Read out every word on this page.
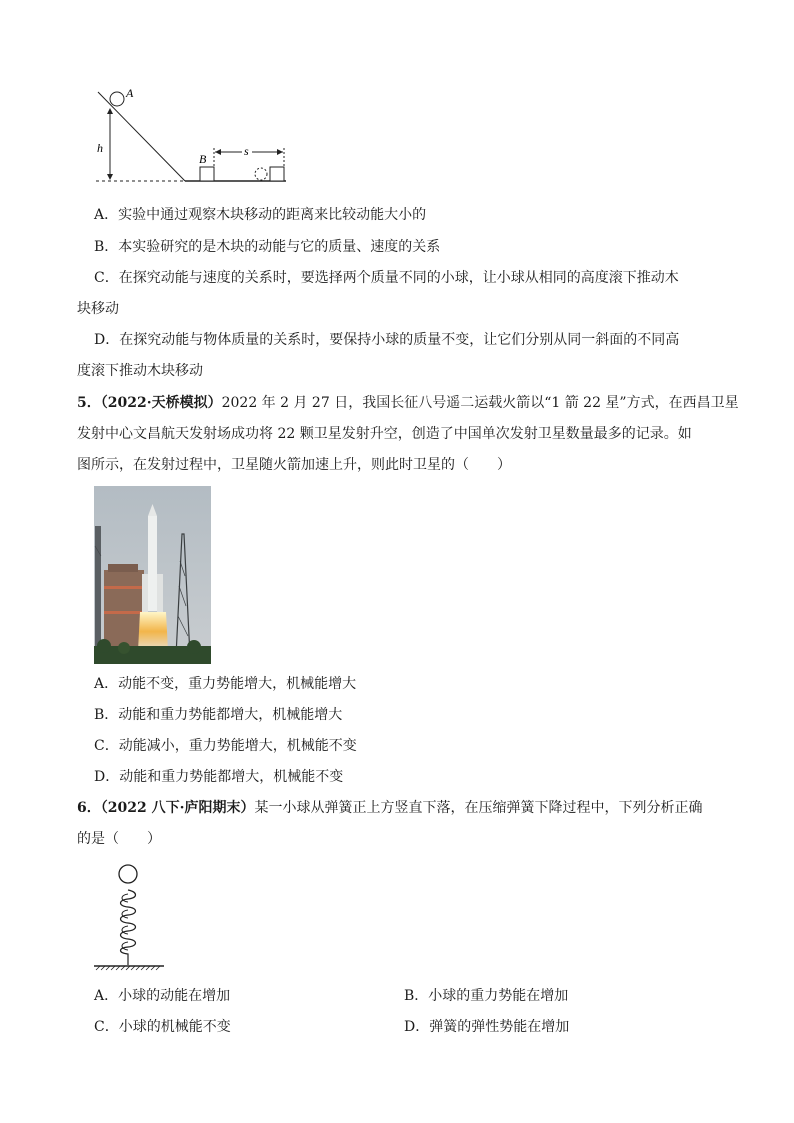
A
h
B
s
A．实验中通过观察木块移动的距离来比较动能大小的
B．本实验研究的是木块的动能与它的质量、速度的关系
C．在探究动能与速度的关系时，要选择两个质量不同的小球，让小球从相同的高度滚下推动木
块移动
D．在探究动能与物体质量的关系时，要保持小球的质量不变，让它们分别从同一斜面的不同高
度滚下推动木块移动
5．（2022·天桥模拟）2022 年 2 月 27 日，我国长征八号遥二运载火箭以“1 箭 22 星”方式，在西昌卫星
发射中心文昌航天发射场成功将 22 颗卫星发射升空，创造了中国单次发射卫星数量最多的记录。如
图所示，在发射过程中，卫星随火箭加速上升，则此时卫星的（　　）
A．动能不变，重力势能增大，机械能增大
B．动能和重力势能都增大，机械能增大
C．动能减小，重力势能增大，机械能不变
D．动能和重力势能都增大，机械能不变
6．（2022 八下·庐阳期末）某一小球从弹簧正上方竖直下落，在压缩弹簧下降过程中，下列分析正确
的是（　　）
A．小球的动能在增加	B．小球的重力势能在增加
C．小球的机械能不变	D．弹簧的弹性势能在增加
